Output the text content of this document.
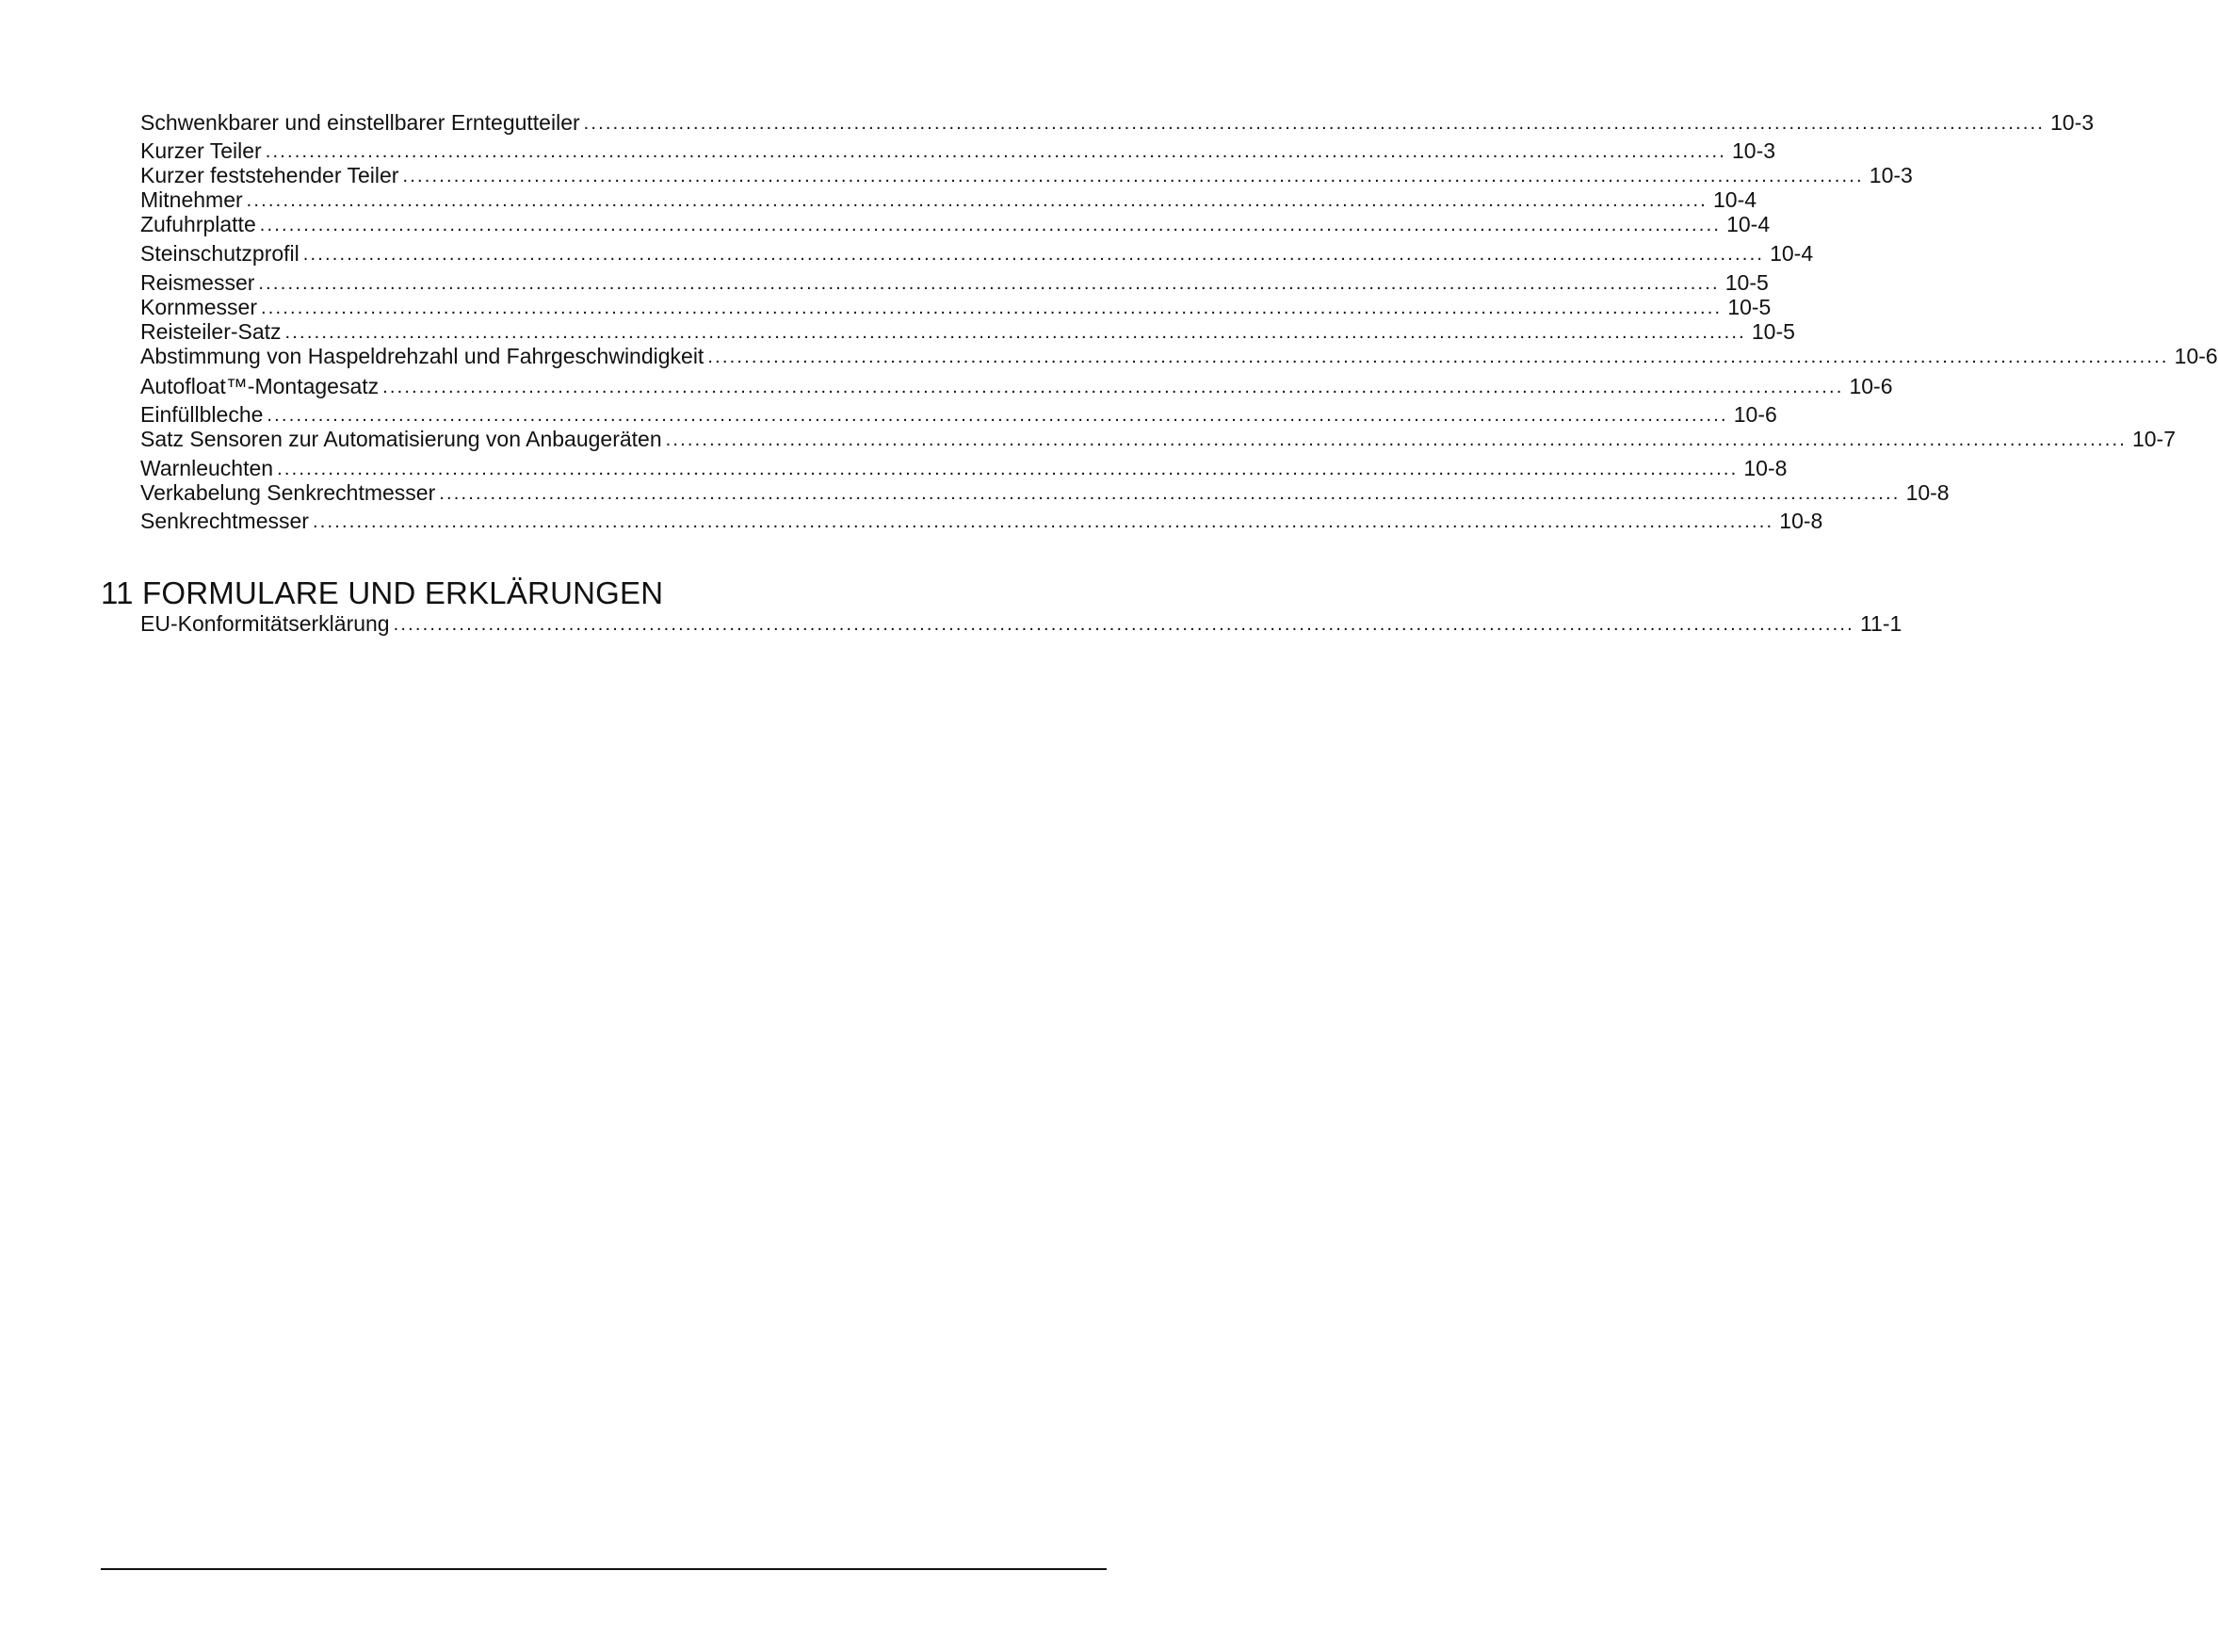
Schwenkbarer und einstellbarer Erntegutteiler ........................................................................................................................................................................................................ 10-3
Kurzer Teiler ........................................................................................................................................................................................................ 10-3
Kurzer feststehender Teiler ........................................................................................................................................................................................................ 10-3
Mitnehmer ........................................................................................................................................................................................................ 10-4
Zufuhrplatte ........................................................................................................................................................................................................ 10-4
Steinschutzprofil ........................................................................................................................................................................................................ 10-4
Reismesser ........................................................................................................................................................................................................ 10-5
Kornmesser ........................................................................................................................................................................................................ 10-5
Reisteiler-Satz ........................................................................................................................................................................................................ 10-5
Abstimmung von Haspeldrehzahl und Fahrgeschwindigkeit ........................................................................................................................................................................................................ 10-6
Autofloat™-Montagesatz ........................................................................................................................................................................................................ 10-6
Einfüllbleche ........................................................................................................................................................................................................ 10-6
Satz Sensoren zur Automatisierung von Anbaugeräten ........................................................................................................................................................................................................ 10-7
Warnleuchten ........................................................................................................................................................................................................ 10-8
Verkabelung Senkrechtmesser ........................................................................................................................................................................................................ 10-8
Senkrechtmesser ........................................................................................................................................................................................................ 10-8
11 FORMULARE UND ERKLÄRUNGEN
EU-Konformitätserklärung ........................................................................................................................................................................................................ 11-1
